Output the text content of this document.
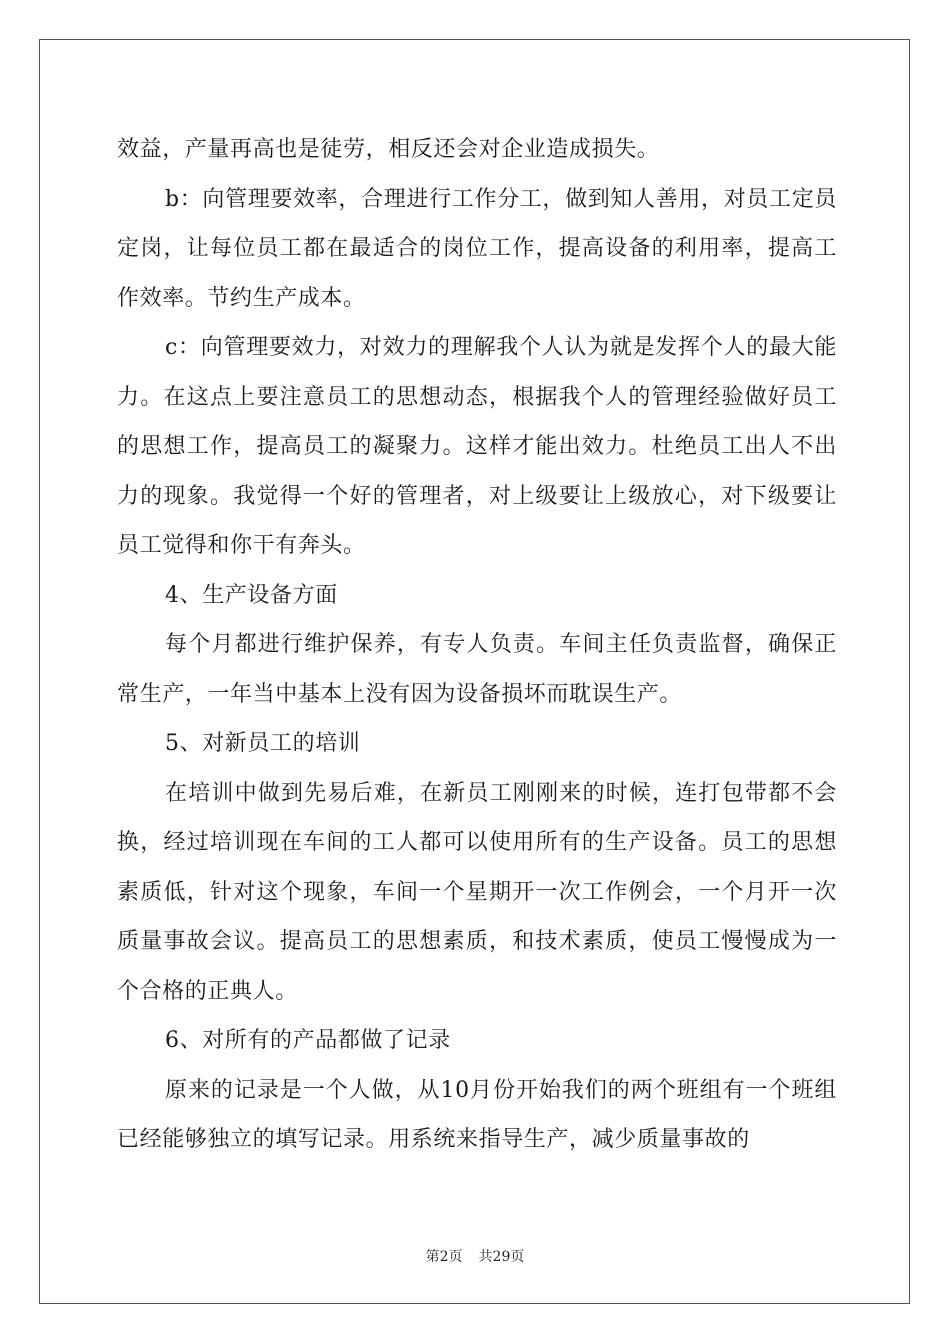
效益，产量再高也是徒劳，相反还会对企业造成损失。

b：向管理要效率，合理进行工作分工，做到知人善用，对员工定员定岗，让每位员工都在最适合的岗位工作，提高设备的利用率，提高工作效率。节约生产成本。

c：向管理要效力，对效力的理解我个人认为就是发挥个人的最大能力。在这点上要注意员工的思想动态，根据我个人的管理经验做好员工的思想工作，提高员工的凝聚力。这样才能出效力。杜绝员工出人不出力的现象。我觉得一个好的管理者，对上级要让上级放心，对下级要让员工觉得和你干有奔头。

4、生产设备方面

每个月都进行维护保养，有专人负责。车间主任负责监督，确保正常生产，一年当中基本上没有因为设备损坏而耽误生产。

5、对新员工的培训

在培训中做到先易后难，在新员工刚刚来的时候，连打包带都不会换，经过培训现在车间的工人都可以使用所有的生产设备。员工的思想素质低，针对这个现象，车间一个星期开一次工作例会，一个月开一次质量事故会议。提高员工的思想素质，和技术素质，使员工慢慢成为一个合格的正典人。

6、对所有的产品都做了记录

原来的记录是一个人做，从10月份开始我们的两个班组有一个班组已经能够独立的填写记录。用系统来指导生产，减少质量事故的

第2页 共29页
